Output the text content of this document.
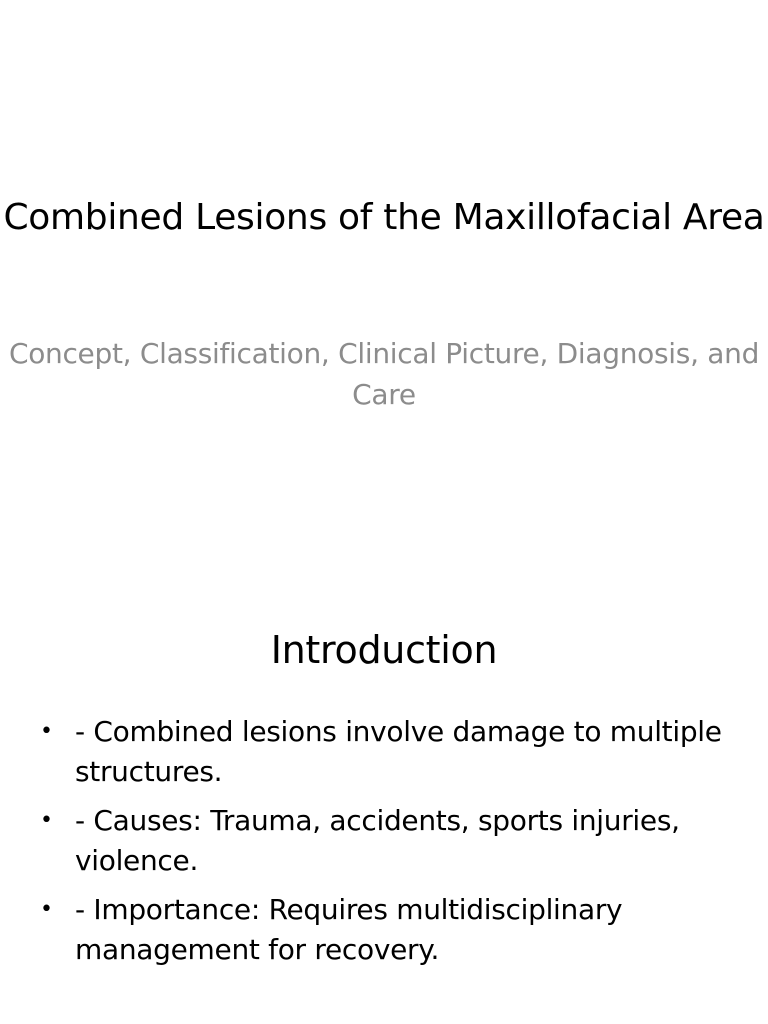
Combined Lesions of the Maxillofacial Area
Concept, Classification, Clinical Picture, Diagnosis, and Care
Introduction
• - Combined lesions involve damage to multiple structures.
• - Causes: Trauma, accidents, sports injuries, violence.
• - Importance: Requires multidisciplinary management for recovery.
